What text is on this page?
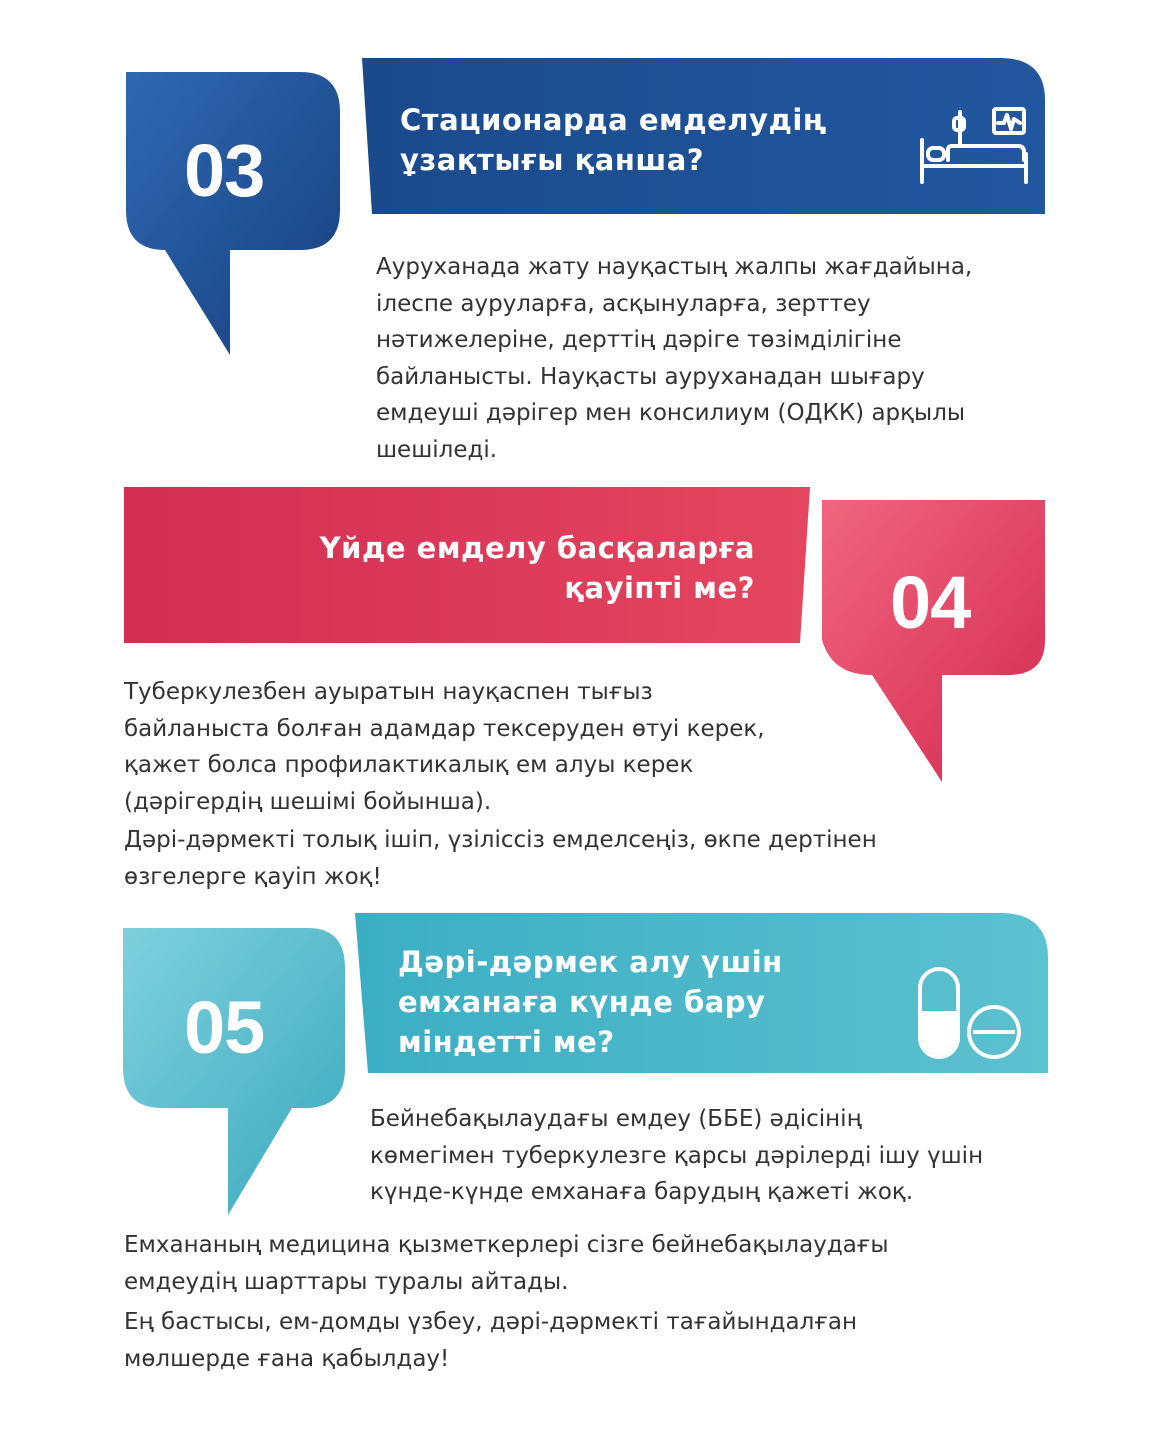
03
Стационарда емделудің
ұзақтығы қанша?
Ауруханада жату науқастың жалпы жағдайына,
ілеспе ауруларға, асқынуларға, зерттеу
нәтижелеріне, дерттің дәріге төзімділігіне
байланысты. Науқасты ауруханадан шығару
емдеуші дәрігер мен консилиум (ОДКК) арқылы
шешіледі.
Үйде емделу басқаларға
қауіпті ме? 04
Туберкулезбен ауыратын науқаспен тығыз
байланыста болған адамдар тексеруден өтуі керек,
қажет болса профилактикалық ем алуы керек
(дәрігердің шешімі бойынша).
Дәрі-дәрмекті толық ішіп, үзіліссіз емделсеңіз, өкпе дертінен
өзгелерге қауіп жоқ!
05
Дәрі-дәрмек алу үшін
емханаға күнде бару
міндетті ме?
Бейнебақылаудағы емдеу (ББЕ) әдісінің
көмегімен туберкулезге қарсы дәрілерді ішу үшін
күнде-күнде емханаға барудың қажеті жоқ.
Емхананың медицина қызметкерлері сізге бейнебақылаудағы
емдеудің шарттары туралы айтады.
Ең бастысы, ем-домды үзбеу, дәрі-дәрмекті тағайындалған
мөлшерде ғана қабылдау!
